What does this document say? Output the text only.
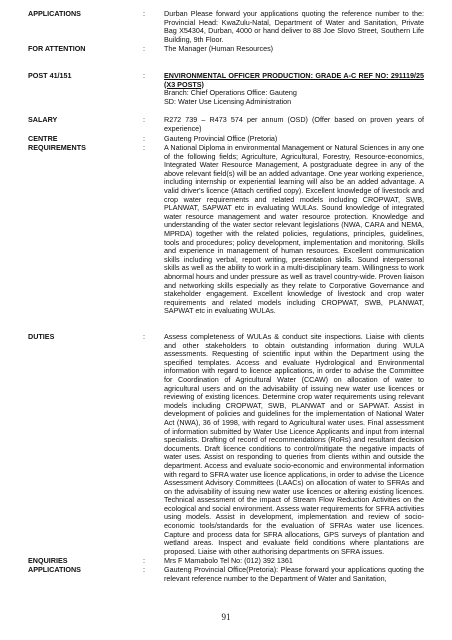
APPLICATIONS	:	Durban Please forward your applications quoting the reference number to the: Provincial Head: KwaZulu-Natal, Department of Water and Sanitation, Private Bag X54304, Durban, 4000 or hand deliver to 88 Joe Slovo Street, Southern Life Building, 9th Floor.
FOR ATTENTION	:	The Manager (Human Resources)
POST 41/151	:	ENVIRONMENTAL OFFICER PRODUCTION: GRADE A-C REF NO: 291119/25 (X3 POSTS)
Branch: Chief Operations Office: Gauteng
SD: Water Use Licensing Administration
SALARY	:	R272 739 – R473 574 per annum (OSD) (Offer based on proven years of experience)
CENTRE	:	Gauteng Provincial Office (Pretoria)
REQUIREMENTS	:	A National Diploma in environmental Management or Natural Sciences in any one of the following fields; Agriculture, Agricultural, Forestry, Resource-economics, Integrated Water Resource Management, A postgraduate degree in any of the above relevant field(s) will be an added advantage. One year working experience, including internship or experiential learning will also be an added advantage. A valid driver's licence (Attach certified copy). Excellent knowledge of livestock and crop water requirements and related models including CROPWAT, SWB, PLANWAT, SAPWAT etc in evaluating WULAs. Sound knowledge of integrated water resource management and water resource protection. Knowledge and understanding of the water sector relevant legislations (NWA, CARA and NEMA, MPRDA) together with the related policies, regulations, principles, guidelines, tools and procedures; policy development, implementation and monitoring. Skills and experience in management of human resources. Excellent communication skills including verbal, report writing, presentation skills. Sound interpersonal skills as well as the ability to work in a multi-disciplinary team. Willingness to work abnormal hours and under pressure as well as travel country-wide. Proven liaison and networking skills especially as they relate to Corporative Governance and stakeholder engagement. Excellent knowledge of livestock and crop water requirements and related models including CROPWAT, SWB, PLANWAT, SAPWAT etc in evaluating WULAs.
DUTIES	:	Assess completeness of WULAs & conduct site inspections. Liaise with clients and other stakeholders to obtain outstanding information during WULA assessments. Requesting of scientific input within the Department using the specified templates. Access and evaluate Hydrological and Environmental information with regard to licence applications, in order to advise the Committee for Coordination of Agricultural Water (CCAW) on allocation of water to agricultural users and on the advisability of issuing new water use licences or reviewing of existing licences. Determine crop water requirements using relevant models including CROPWAT, SWB, PLANWAT and or SAPWAT. Assist in development of policies and guidelines for the implementation of National Water Act (NWA), 36 of 1998, with regard to Agricultural water uses. Final assessment of information submitted by Water Use Licence Applicants and input from internal specialists. Drafting of record of recommendations (RoRs) and resultant decision documents. Draft licence conditions to control/mitigate the negative impacts of water uses. Assist on responding to queries from clients within and outside the department. Access and evaluate socio-economic and environmental information with regard to SFRA water use licence applications, in order to advise the Licence Assessment Advisory Committees (LAACs) on allocation of water to SFRAs and on the advisability of issuing new water use licences or altering existing licences. Technical assessment of the impact of Stream Flow Reduction Activities on the ecological and social environment. Assess water requirements for SFRA activities using models. Assist in development, implementation and review of socio-economic tools/standards for the evaluation of SFRAs water use licences. Capture and process data for SFRA allocations, GPS surveys of plantation and wetland areas. Inspect and evaluate field conditions where plantations are proposed. Liaise with other authorising departments on SFRA issues.
ENQUIRIES	:	Mrs F Mamabolo Tel No: (012) 392 1361
APPLICATIONS	:	Gauteng Provincial Office(Pretoria): Please forward your applications quoting the relevant reference number to the Department of Water and Sanitation,
91
